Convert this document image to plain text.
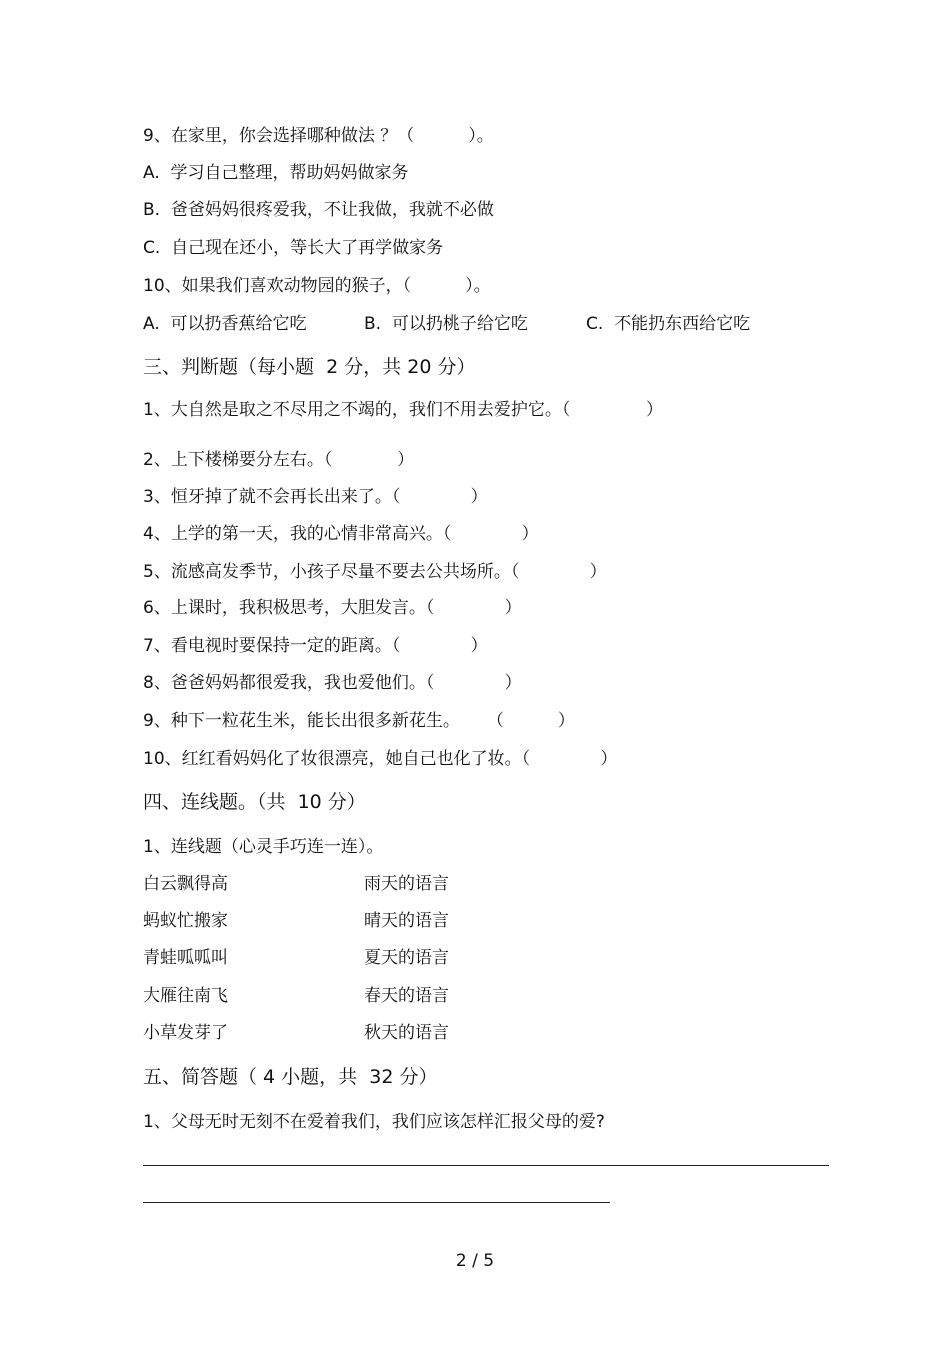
9、在家里，你会选择哪种做法 ？（          ）。
A.  学习自己整理，帮助妈妈做家务
B.  爸爸妈妈很疼爱我，不让我做，我就不必做
C.  自己现在还小，等长大了再学做家务
10、如果我们喜欢动物园的猴子，（          ）。
A.  可以扔香蕉给它吃	B.  可以扔桃子给它吃	C.  不能扔东西给它吃
三、判断题（每小题  2 分，共 20 分）
1、大自然是取之不尽用之不竭的，我们不用去爱护它。（              ）
2、上下楼梯要分左右。（            ）
3、恒牙掉了就不会再长出来了。（             ）
4、上学的第一天，我的心情非常高兴。（             ）
5、流感高发季节，小孩子尽量不要去公共场所。（             ）
6、上课时，我积极思考，大胆发言。（             ）
7、看电视时要保持一定的距离。（             ）
8、爸爸妈妈都很爱我，我也爱他们。（             ）
9、种下一粒花生米，能长出很多新花生。     （          ）
10、红红看妈妈化了妆很漂亮，她自己也化了妆。（             ）
四、连线题。（共  10 分）
1、连线题（心灵手巧连一连）。
白云飘得高	雨天的语言
蚂蚁忙搬家	晴天的语言
青蛙呱呱叫	夏天的语言
大雁往南飞	春天的语言
小草发芽了	秋天的语言
五、简答题（ 4 小题，共  32 分）
1、父母无时无刻不在爱着我们，我们应该怎样汇报父母的爱?
2 / 5
